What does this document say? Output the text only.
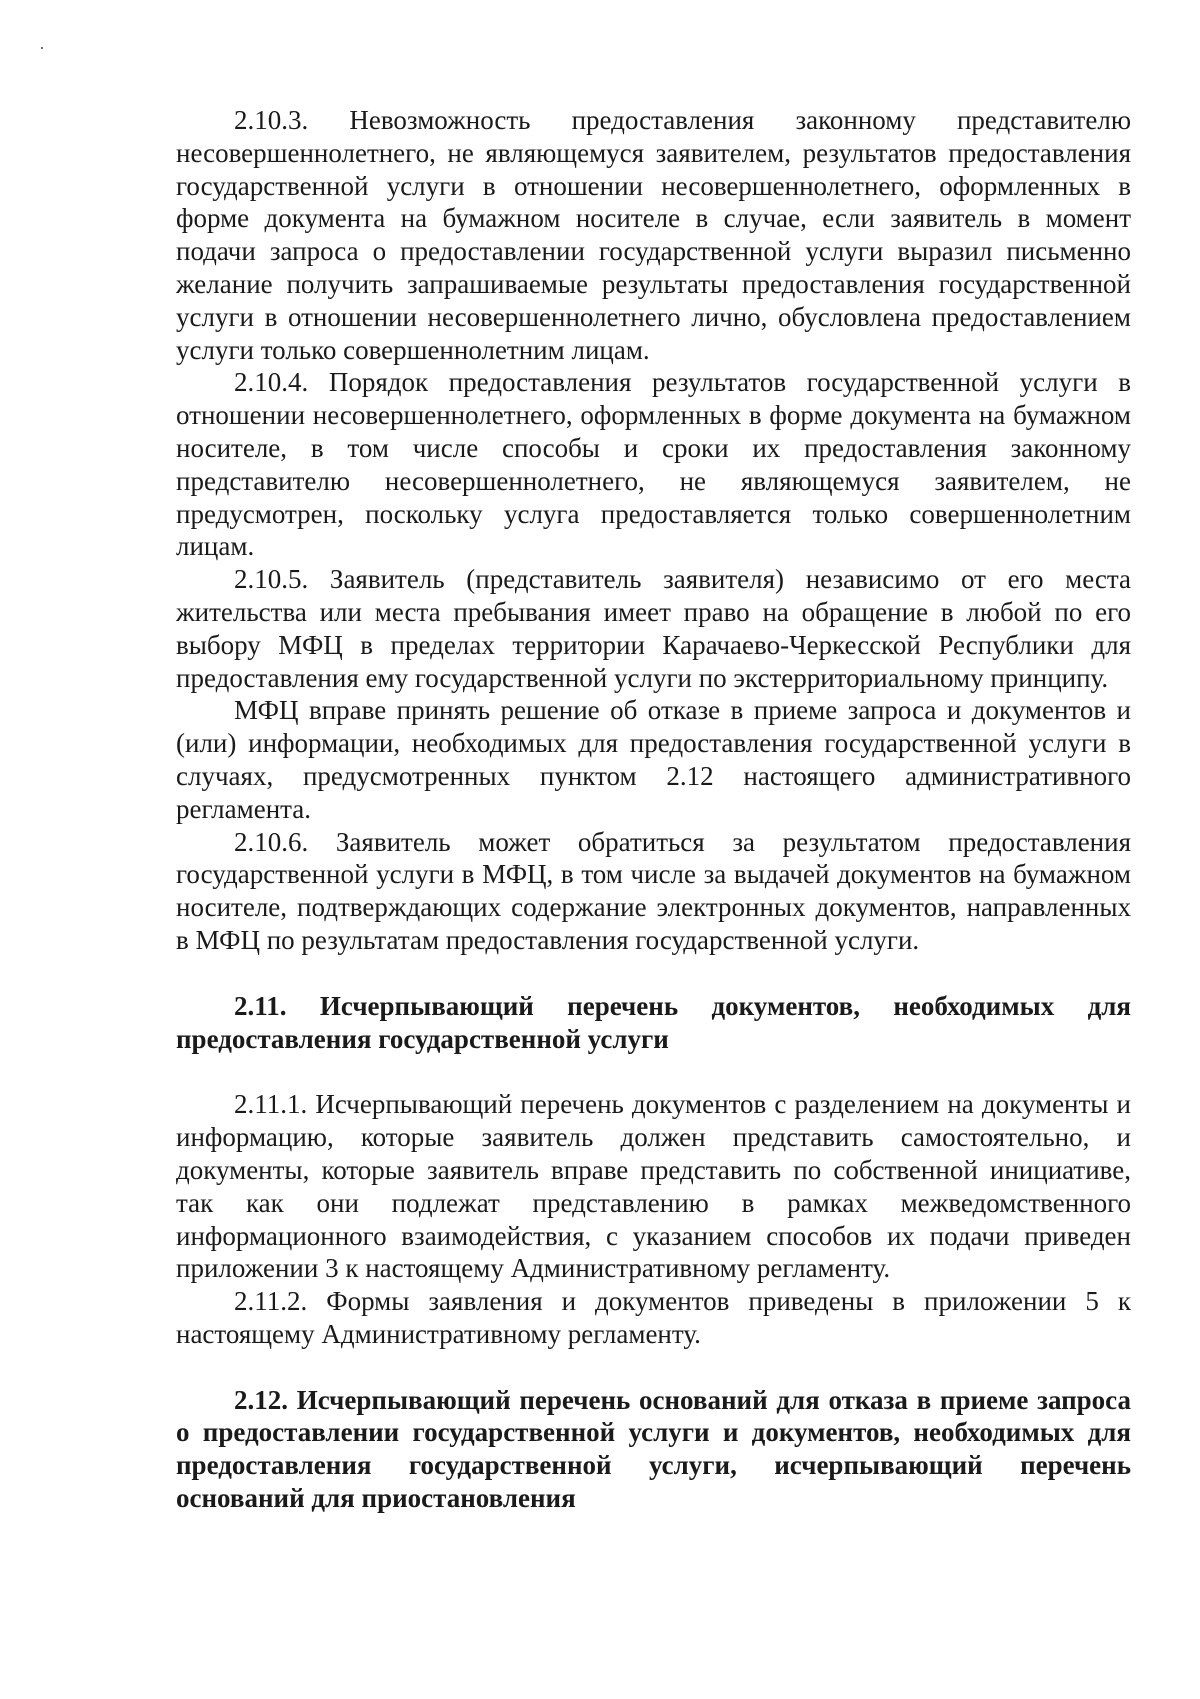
2.10.3. Невозможность предоставления законному представителю несовершеннолетнего, не являющемуся заявителем, результатов предоставления государственной услуги в отношении несовершеннолетнего, оформленных в форме документа на бумажном носителе в случае, если заявитель в момент подачи запроса о предоставлении государственной услуги выразил письменно желание получить запрашиваемые результаты предоставления государственной услуги в отношении несовершеннолетнего лично, обусловлена предоставлением услуги только совершеннолетним лицам.

2.10.4. Порядок предоставления результатов государственной услуги в отношении несовершеннолетнего, оформленных в форме документа на бумажном носителе, в том числе способы и сроки их предоставления законному представителю несовершеннолетнего, не являющемуся заявителем, не предусмотрен, поскольку услуга предоставляется только совершеннолетним лицам.

2.10.5. Заявитель (представитель заявителя) независимо от его места жительства или места пребывания имеет право на обращение в любой по его выбору МФЦ в пределах территории Карачаево-Черкесской Республики для предоставления ему государственной услуги по экстерриториальному принципу.

МФЦ вправе принять решение об отказе в приеме запроса и документов и (или) информации, необходимых для предоставления государственной услуги в случаях, предусмотренных пунктом 2.12 настоящего административного регламента.

2.10.6. Заявитель может обратиться за результатом предоставления государственной услуги в МФЦ, в том числе за выдачей документов на бумажном носителе, подтверждающих содержание электронных документов, направленных в МФЦ по результатам предоставления государственной услуги.

2.11. Исчерпывающий перечень документов, необходимых для предоставления государственной услуги

2.11.1. Исчерпывающий перечень документов с разделением на документы и информацию, которые заявитель должен представить самостоятельно, и документы, которые заявитель вправе представить по собственной инициативе, так как они подлежат представлению в рамках межведомственного информационного взаимодействия, с указанием способов их подачи приведен приложении 3 к настоящему Административному регламенту.

2.11.2. Формы заявления и документов приведены в приложении 5 к настоящему Административному регламенту.

2.12. Исчерпывающий перечень оснований для отказа в приеме запроса о предоставлении государственной услуги и документов, необходимых для предоставления государственной услуги, исчерпывающий перечень оснований для приостановления
